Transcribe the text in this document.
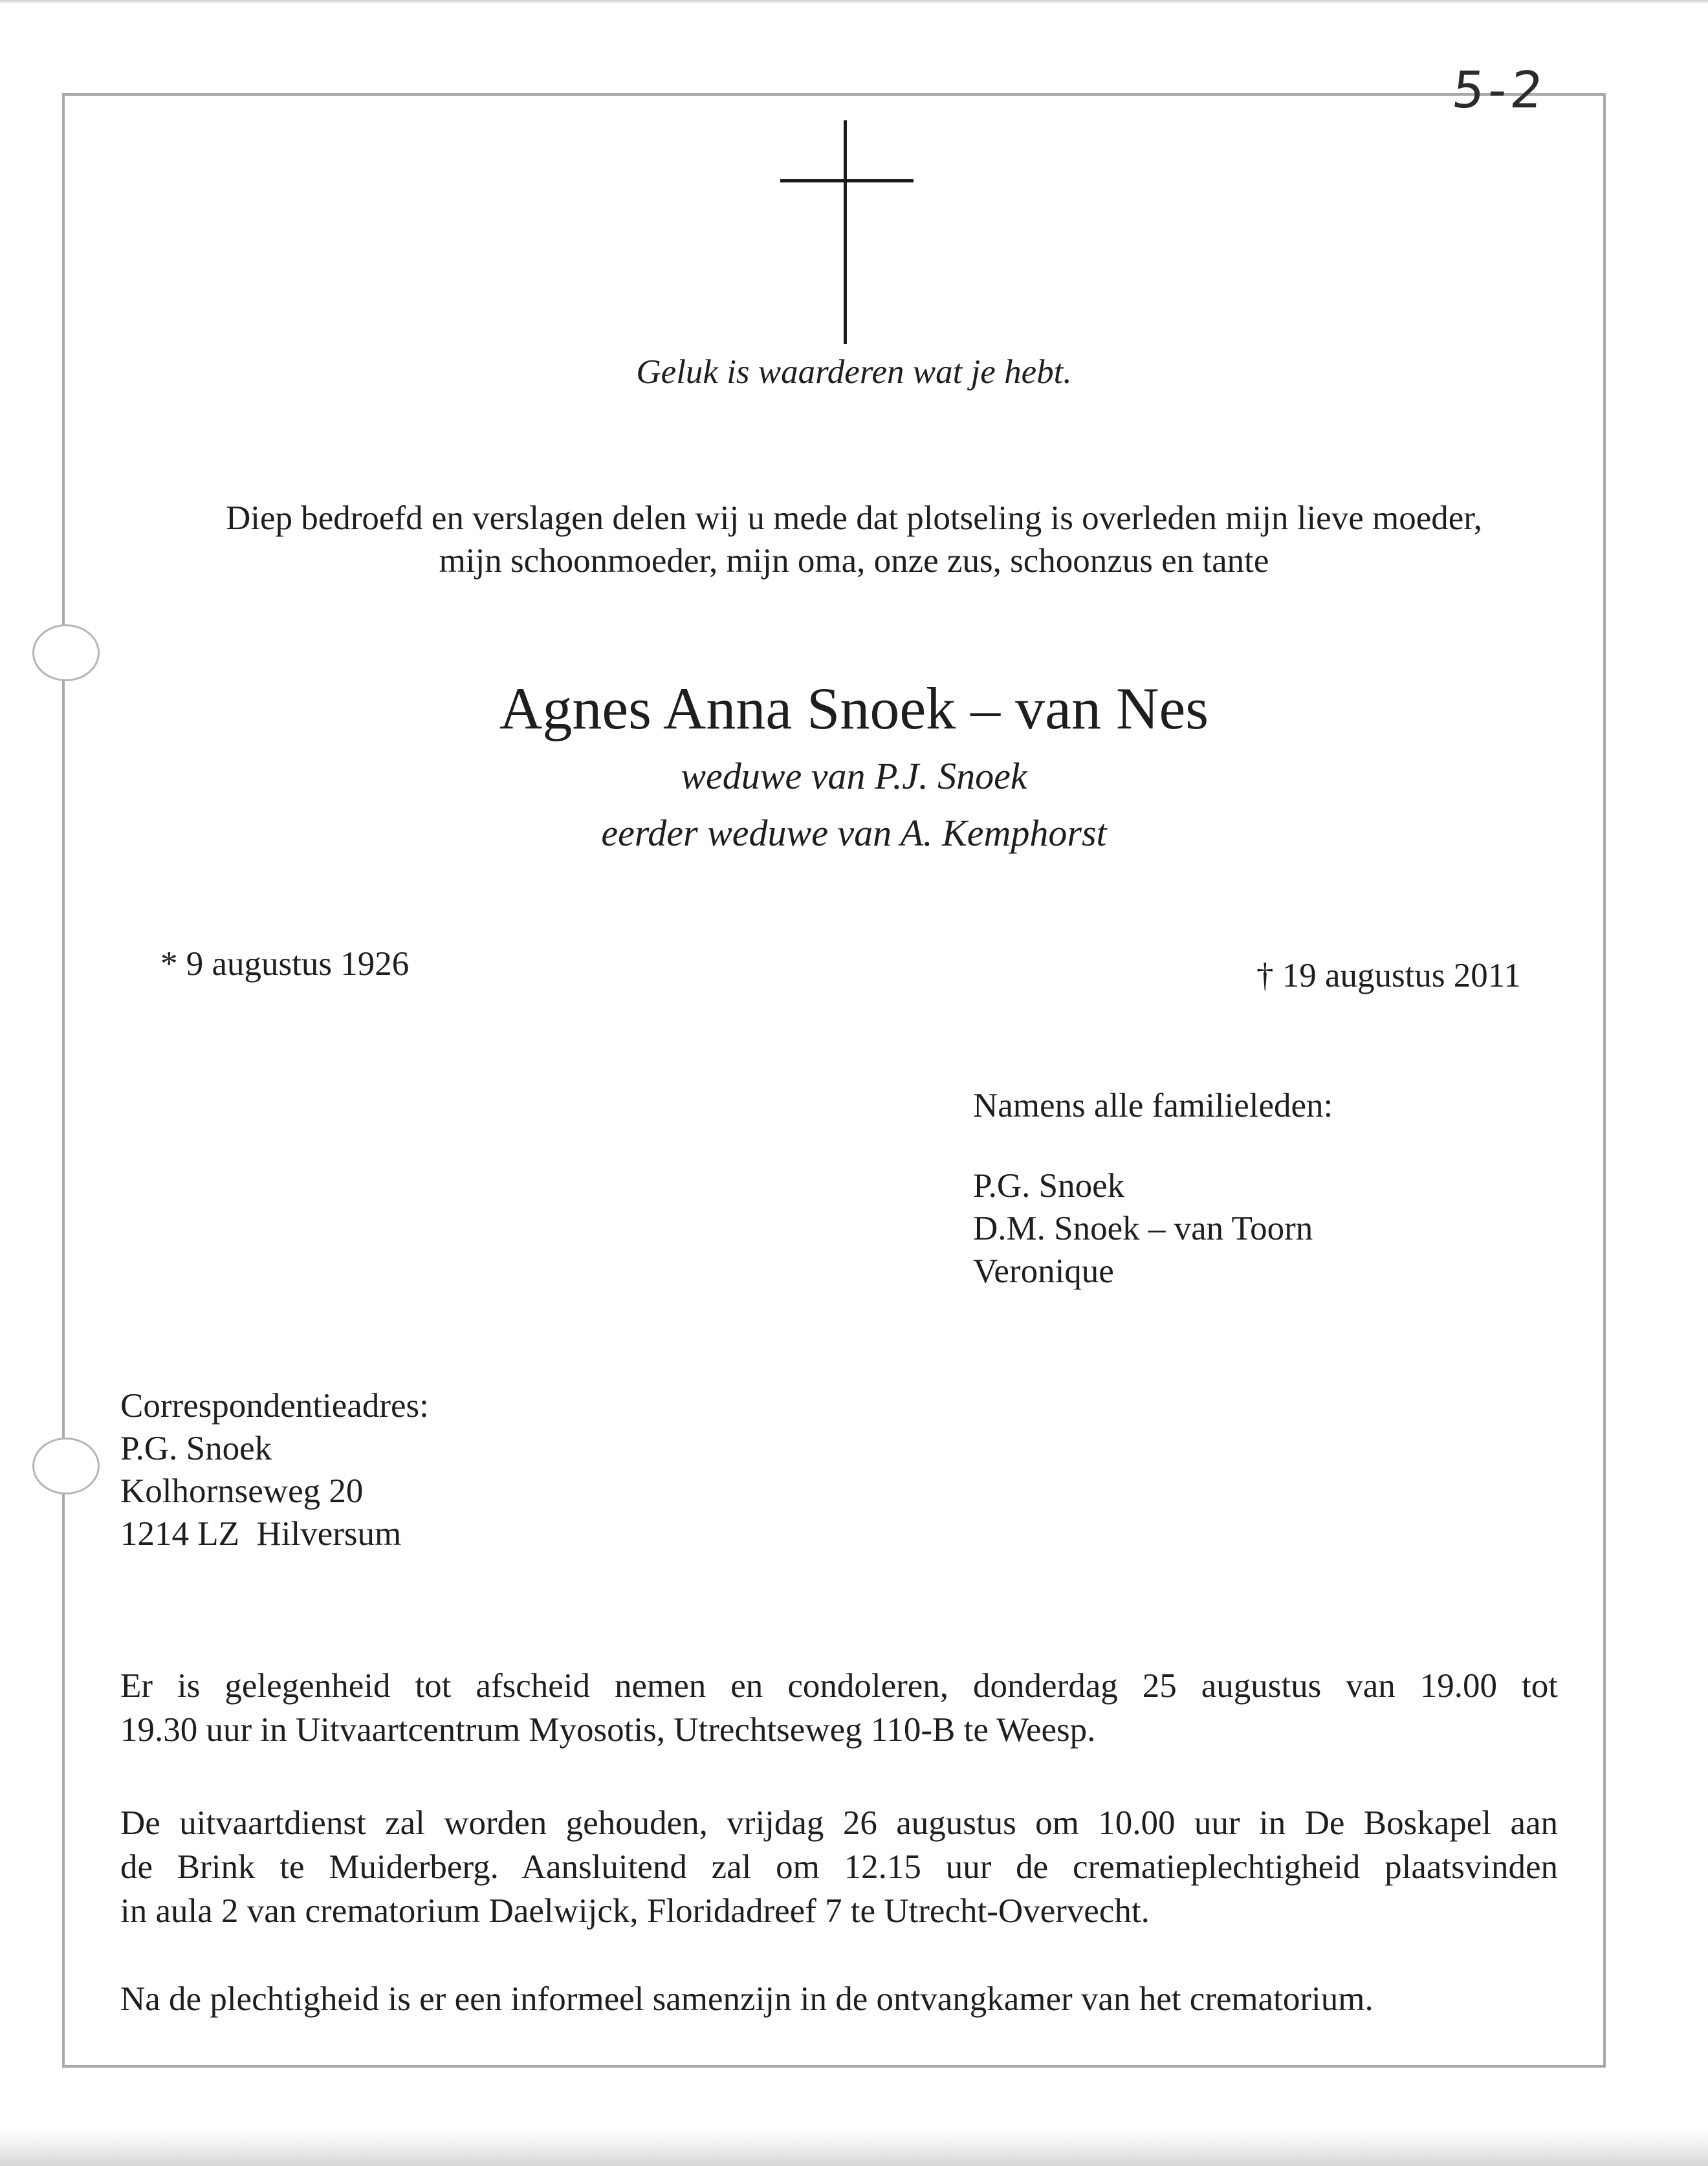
5-2
Geluk is waarderen wat je hebt.
Diep bedroefd en verslagen delen wij u mede dat plotseling is overleden mijn lieve moeder,
mijn schoonmoeder, mijn oma, onze zus, schoonzus en tante
Agnes Anna Snoek – van Nes
weduwe van P.J. Snoek
eerder weduwe van A. Kemphorst
* 9 augustus 1926	† 19 augustus 2011
Namens alle familieleden:
P.G. Snoek
D.M. Snoek – van Toorn
Veronique
Correspondentieadres:
P.G. Snoek
Kolhornseweg 20
1214 LZ  Hilversum
Er is gelegenheid tot afscheid nemen en condoleren, donderdag 25 augustus van 19.00 tot
19.30 uur in Uitvaartcentrum Myosotis, Utrechtseweg 110-B te Weesp.
De uitvaartdienst zal worden gehouden, vrijdag 26 augustus om 10.00 uur in De Boskapel aan
de Brink te Muiderberg. Aansluitend zal om 12.15 uur de crematieplechtigheid plaatsvinden
in aula 2 van crematorium Daelwijck, Floridadreef 7 te Utrecht-Overvecht.
Na de plechtigheid is er een informeel samenzijn in de ontvangkamer van het crematorium.
